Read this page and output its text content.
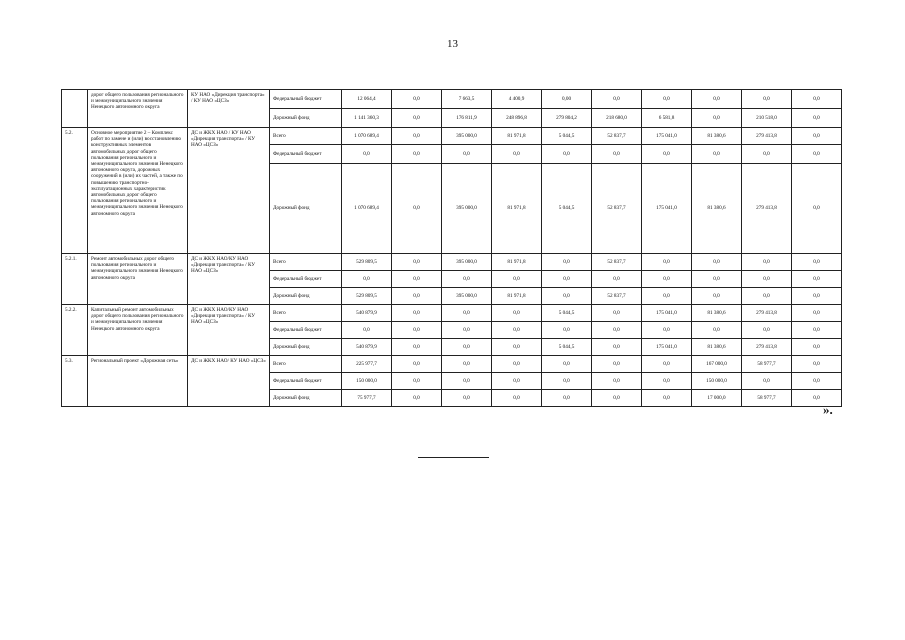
13
	дорог общего пользования регионального и межмуниципального значения Ненецкого автономного округа	КУ НАО «Дирекция транспорта» / КУ НАО «ЦСЗ»	Федеральный бюджет	12 064,4	0,0	7 663,5	4 400,9	0,00	0,0	0,0	0,0	0,0	0,0
			Дорожный фонд	1 141 360,3	0,0	176 811,9	248 896,8	279 804,2	218 680,0	6 581,8	0,0	210 518,0	0,0
5.2.	Основное мероприятие 2 – Комплекс работ по замене и (или) восстановлению конструктивных элементов автомобильных дорог общего пользования регионального и межмуниципального значения Ненецкого автономного округа, дорожных сооружений в (или) их частей, а также по повышению транспортно-эксплуатационных характеристик автомобильных дорог общего пользования регионального и межмуниципального значения Ненецкого автономного округа	ДС и ЖКХ НАО / КУ НАО «Дирекция транспорта» / КУ НАО «ЦСЗ»	Всего	1 070 689,4	0,0	395 000,0	81 971,8	5 044,5	52 837,7	175 041,0	81 380,6	279 413,8	0,0
			Федеральный бюджет	0,0	0,0	0,0	0,0	0,0	0,0	0,0	0,0	0,0	0,0
			Дорожный фонд	1 070 689,4	0,0	395 000,0	81 971,8	5 044,5	52 837,7	175 041,0	81 380,6	279 413,8	0,0
5.2.1.	Ремонт автомобильных дорог общего пользования регионального и межмуниципального значения Ненецкого автономного округа	ДС и ЖКХ НАО/КУ НАО «Дирекция транспорта» / КУ НАО «ЦСЗ»	Всего	529 809,5	0,0	395 000,0	81 971,8	0,0	52 837,7	0,0	0,0	0,0	0,0
			Федеральный бюджет	0,0	0,0	0,0	0,0	0,0	0,0	0,0	0,0	0,0	0,0
			Дорожный фонд	529 809,5	0,0	395 000,0	81 971,8	0,0	52 837,7	0,0	0,0	0,0	0,0
5.2.2.	Капитальный ремонт автомобильных дорог общего пользования регионального и межмуниципального значения Ненецкого автономного округа	ДС и ЖКХ НАО/КУ НАО «Дирекция транспорта» / КУ НАО «ЦСЗ»	Всего	540 879,9	0,0	0,0	0,0	5 044,5	0,0	175 041,0	81 380,6	279 413,8	0,0
			Федеральный бюджет	0,0	0,0	0,0	0,0	0,0	0,0	0,0	0,0	0,0	0,0
			Дорожный фонд	540 879,9	0,0	0,0	0,0	5 044,5	0,0	175 041,0	81 380,6	279 413,8	0,0
5.3.	Региональный проект «Дорожная сеть»	ДС и ЖКХ НАО/ КУ НАО «ЦСЗ»	Всего	225 977,7	0,0	0,0	0,0	0,0	0,0	0,0	167 000,0	58 977,7	0,0
			Федеральный бюджет	150 000,0	0,0	0,0	0,0	0,0	0,0	0,0	150 000,0	0,0	0,0
			Дорожный фонд	75 977,7	0,0	0,0	0,0	0,0	0,0	0,0	17 000,0	58 977,7	0,0
».
